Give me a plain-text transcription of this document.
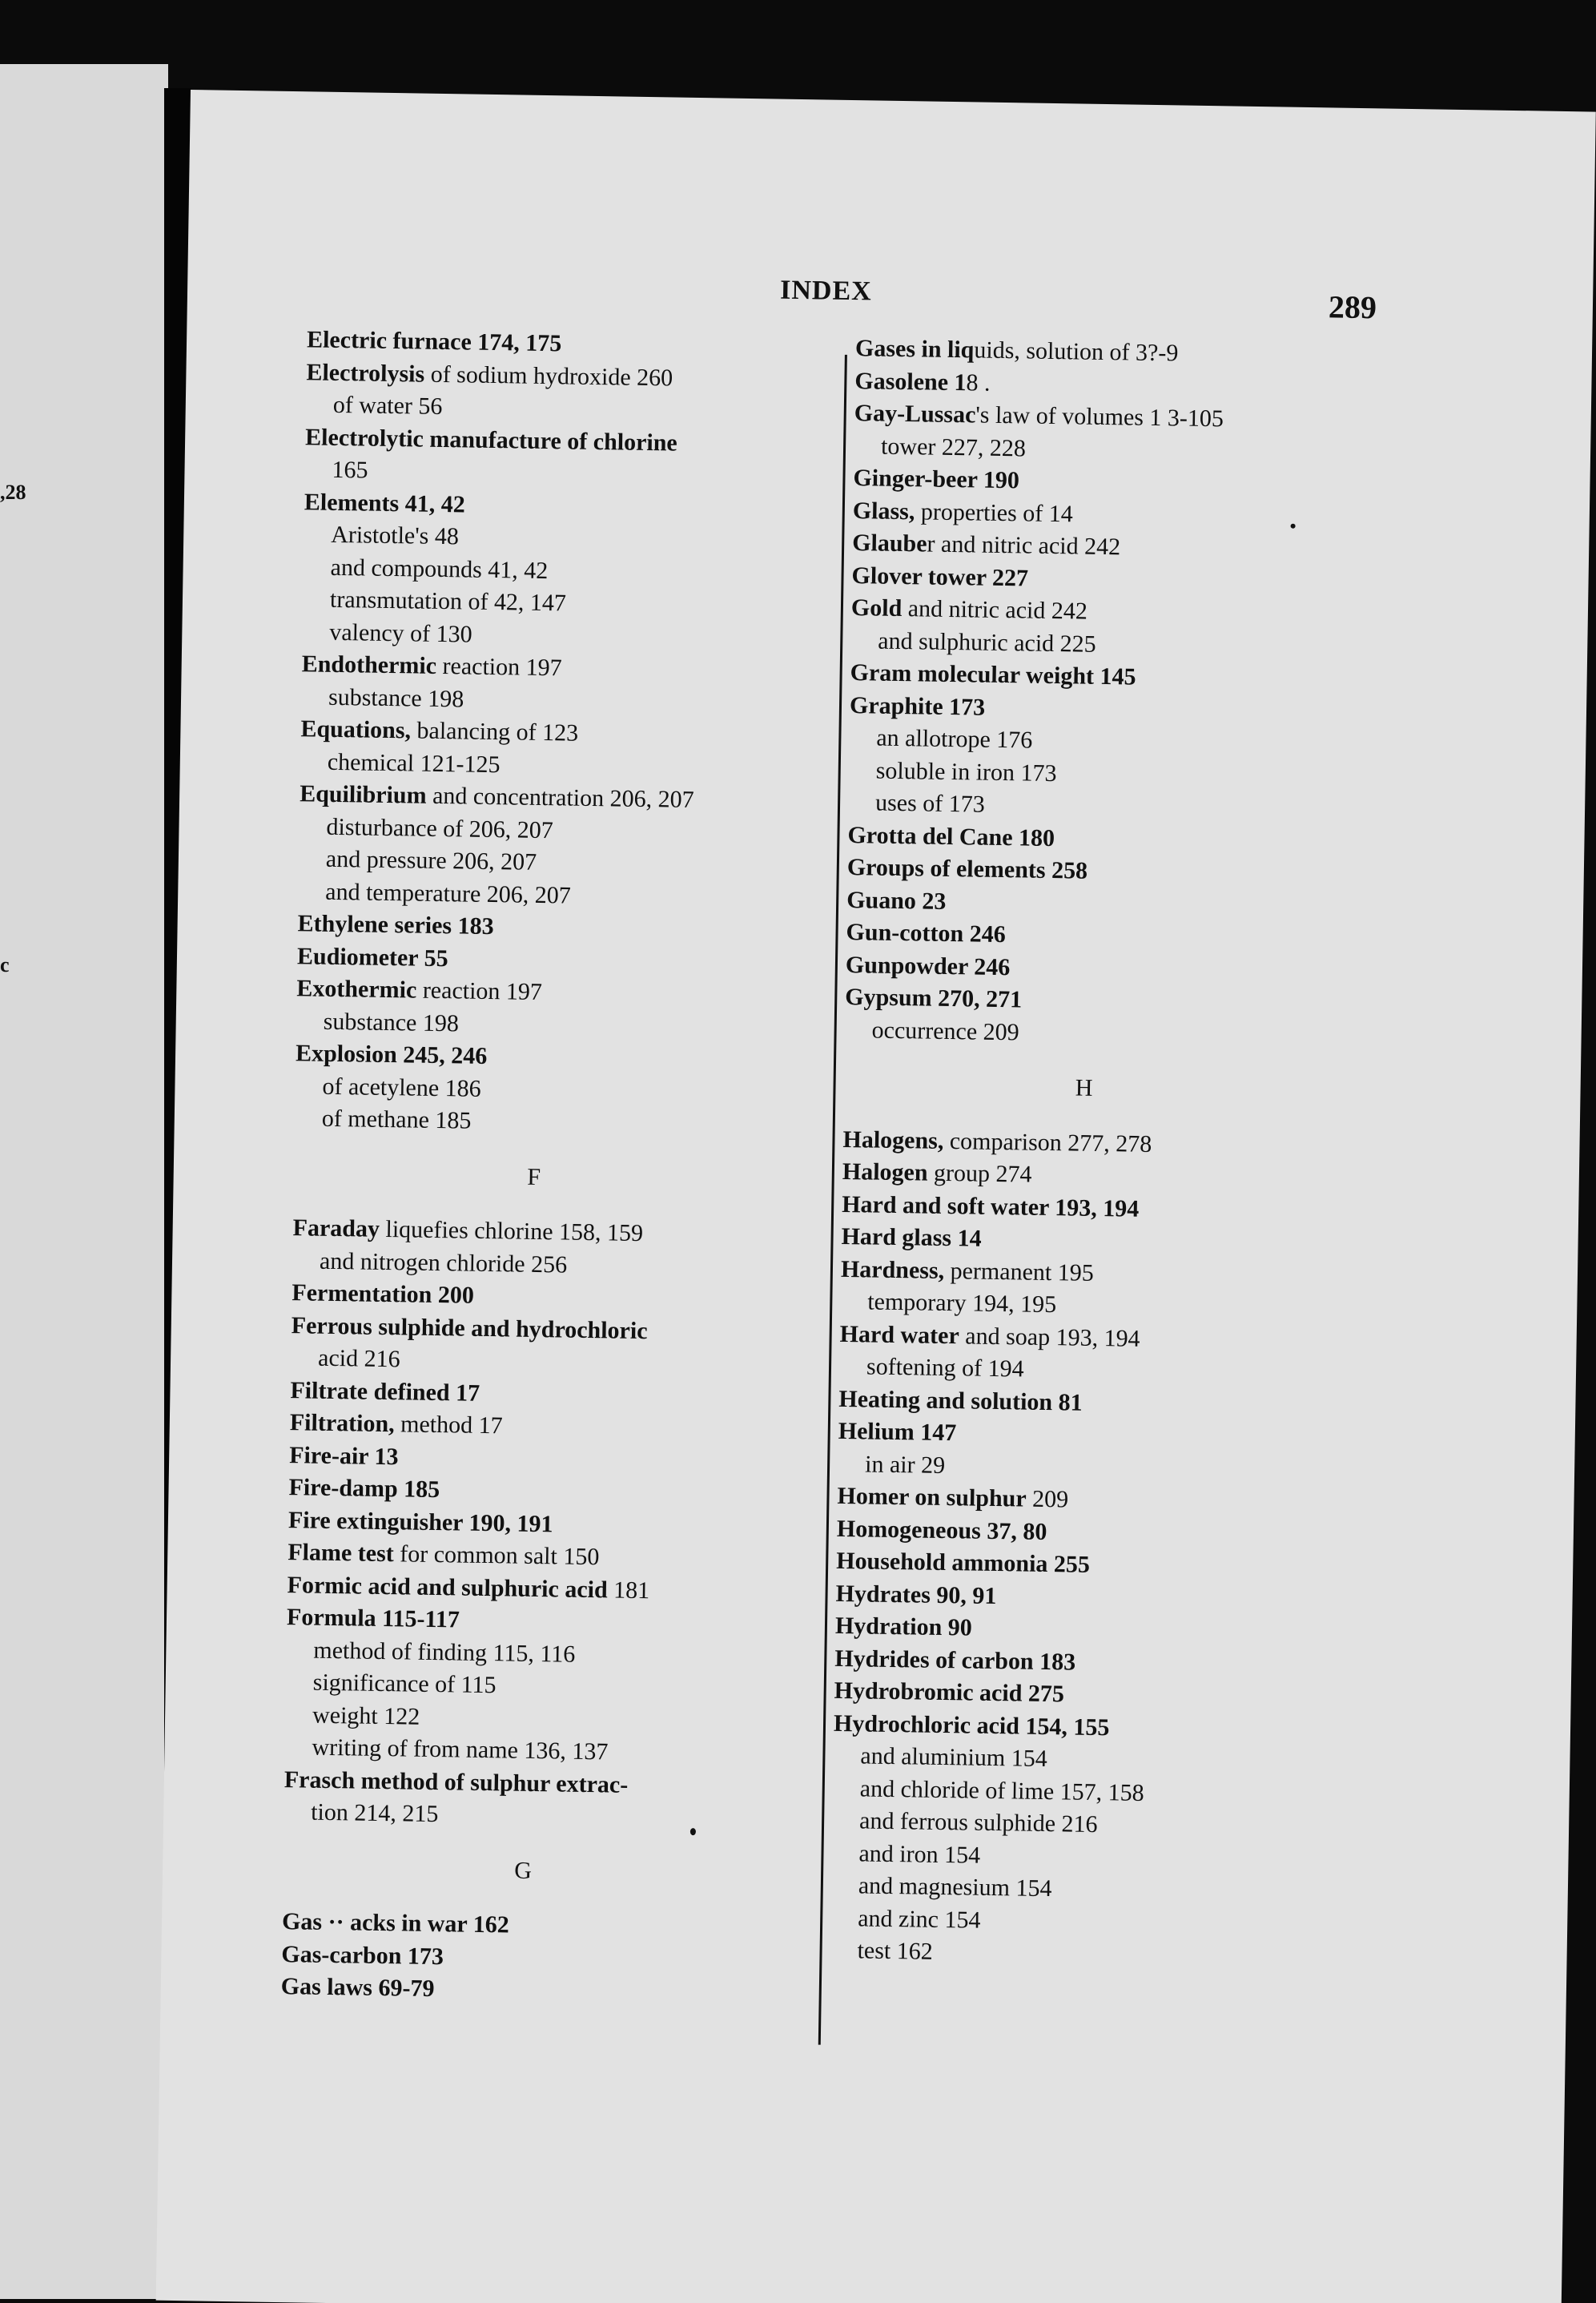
,28
c
INDEX	289
Electric furnace 174, 175
Electrolysis of sodium hydroxide 260
of water 56
Electrolytic manufacture of chlorine
165
Elements 41, 42
Aristotle's 48
and compounds 41, 42
transmutation of 42, 147
valency of 130
Endothermic reaction 197
substance 198
Equations, balancing of 123
chemical 121-125
Equilibrium and concentration 206, 207
disturbance of 206, 207
and pressure 206, 207
and temperature 206, 207
Ethylene series 183
Eudiometer 55
Exothermic reaction 197
substance 198
Explosion 245, 246
of acetylene 186
of methane 185
F
Faraday liquefies chlorine 158, 159
and nitrogen chloride 256
Fermentation 200
Ferrous sulphide and hydrochloric
acid 216
Filtrate defined 17
Filtration, method 17
Fire-air 13
Fire-damp 185
Fire extinguisher 190, 191
Flame test for common salt 150
Formic acid and sulphuric acid 181
Formula 115-117
method of finding 115, 116
significance of 115
weight 122
writing of from name 136, 137
Frasch method of sulphur extrac-
tion 214, 215
G
Gas ·· acks in war 162
Gas-carbon 173
Gas laws 69-79
Gases in liquids, solution of 3?-9
Gasolene 18 .
Gay-Lussac's law of volumes 1 3-105
tower 227, 228
Ginger-beer 190
Glass, properties of 14
Glauber and nitric acid 242
Glover tower 227
Gold and nitric acid 242
and sulphuric acid 225
Gram molecular weight 145
Graphite 173
an allotrope 176
soluble in iron 173
uses of 173
Grotta del Cane 180
Groups of elements 258
Guano 23
Gun-cotton 246
Gunpowder 246
Gypsum 270, 271
occurrence 209
H
Halogens, comparison 277, 278
Halogen group 274
Hard and soft water 193, 194
Hard glass 14
Hardness, permanent 195
temporary 194, 195
Hard water and soap 193, 194
softening of 194
Heating and solution 81
Helium 147
in air 29
Homer on sulphur 209
Homogeneous 37, 80
Household ammonia 255
Hydrates 90, 91
Hydration 90
Hydrides of carbon 183
Hydrobromic acid 275
Hydrochloric acid 154, 155
and aluminium 154
and chloride of lime 157, 158
and ferrous sulphide 216
and iron 154
and magnesium 154
and zinc 154
test 162
